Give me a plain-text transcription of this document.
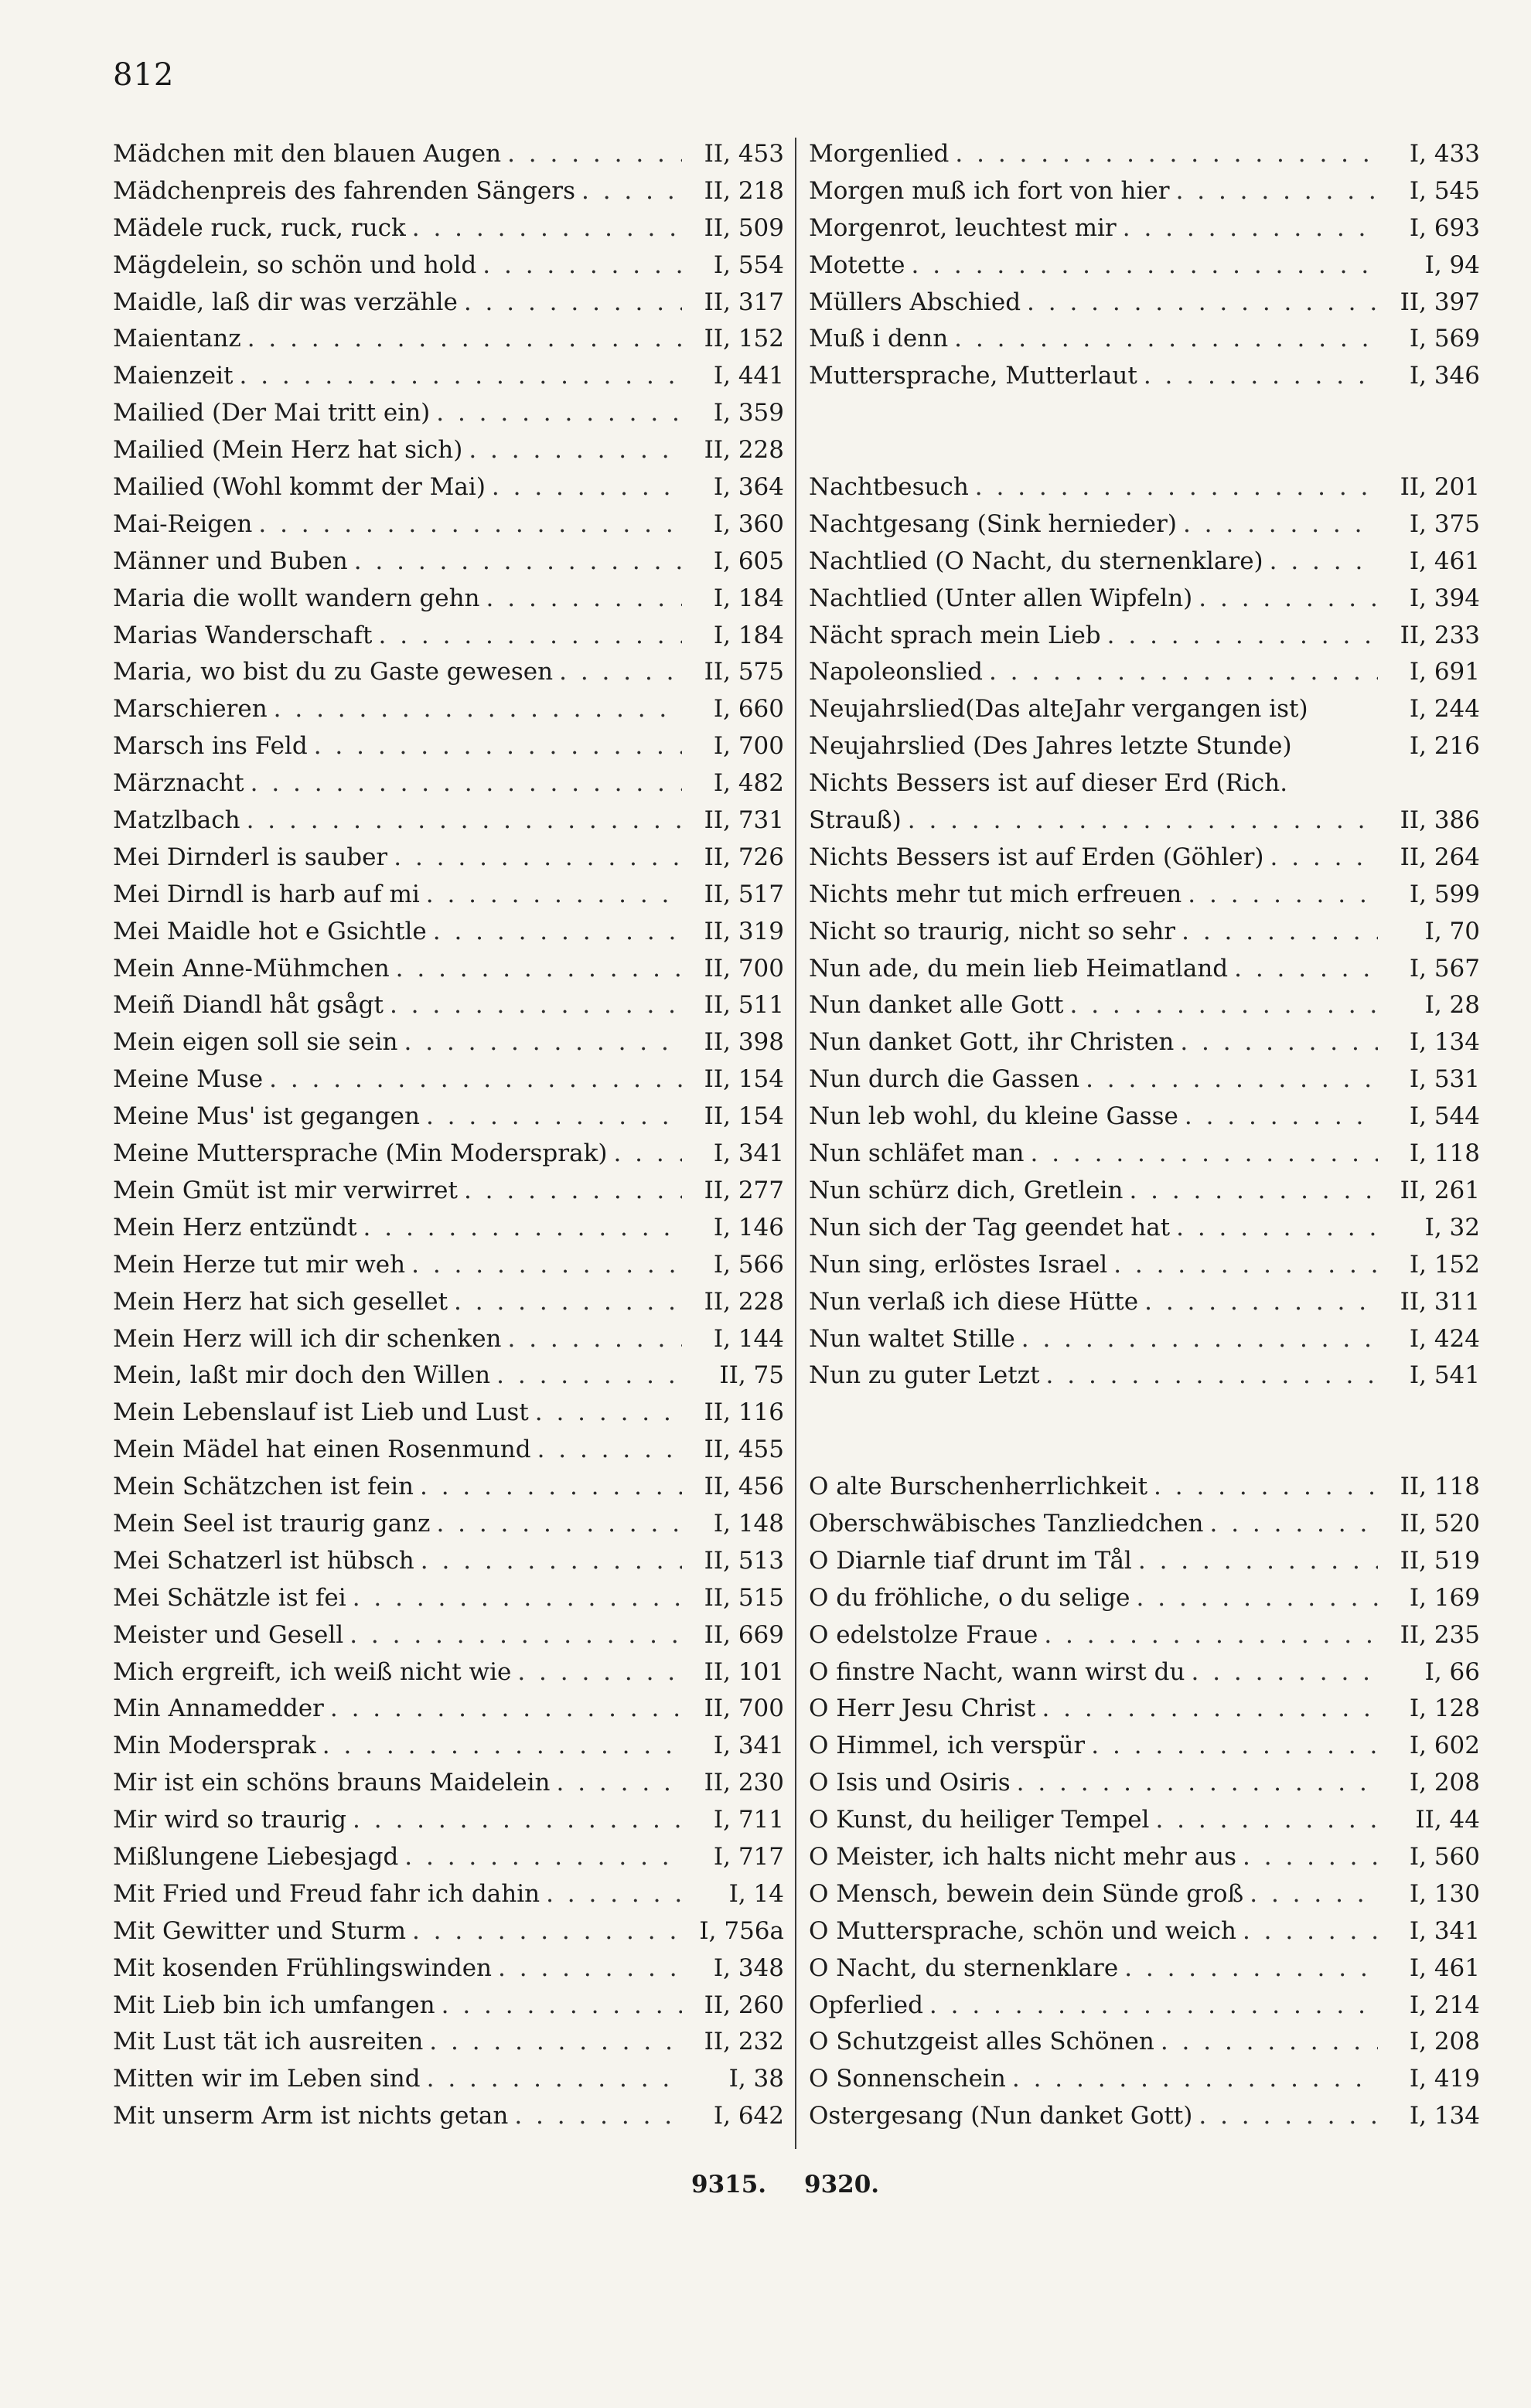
812
Mädchen mit den blauen Augen . . .	II, 453
Mädchenpreis des fahrenden Sängers . . .	II, 218
Mädele ruck, ruck, ruck . . .	II, 509
Mägdelein, so schön und hold . . .	I, 554
Maidle, laß dir was verzähle . . .	II, 317
Maientanz . . .	II, 152
Maienzeit . . .	I, 441
Mailied (Der Mai tritt ein) . . .	I, 359
Mailied (Mein Herz hat sich) . . .	II, 228
Mailied (Wohl kommt der Mai) . . .	I, 364
Mai-Reigen . . .	I, 360
Männer und Buben . . .	I, 605
Maria die wollt wandern gehn . . .	I, 184
Marias Wanderschaft . . .	I, 184
Maria, wo bist du zu Gaste gewesen . . .	II, 575
Marschieren . . .	I, 660
Marsch ins Feld . . .	I, 700
Märznacht . . .	I, 482
Matzlbach . . .	II, 731
Mei Dirnderl is sauber . . .	II, 726
Mei Dirndl is harb auf mi . . .	II, 517
Mei Maidle hot e Gsichtle . . .	II, 319
Mein Anne-Mühmchen . . .	II, 700
Meiñ Diandl håt gsågt . . .	II, 511
Mein eigen soll sie sein . . .	II, 398
Meine Muse . . .	II, 154
Meine Mus' ist gegangen . . .	II, 154
Meine Muttersprache (Min Modersprak) . . .	I, 341
Mein Gmüt ist mir verwirret . . .	II, 277
Mein Herz entzündt . . .	I, 146
Mein Herze tut mir weh . . .	I, 566
Mein Herz hat sich gesellet . . .	II, 228
Mein Herz will ich dir schenken . . .	I, 144
Mein, laßt mir doch den Willen . . .	II, 75
Mein Lebenslauf ist Lieb und Lust . . .	II, 116
Mein Mädel hat einen Rosenmund . . .	II, 455
Mein Schätzchen ist fein . . .	II, 456
Mein Seel ist traurig ganz . . .	I, 148
Mei Schatzerl ist hübsch . . .	II, 513
Mei Schätzle ist fei . . .	II, 515
Meister und Gesell . . .	II, 669
Mich ergreift, ich weiß nicht wie . . .	II, 101
Min Annamedder . . .	II, 700
Min Modersprak . . .	I, 341
Mir ist ein schöns brauns Maidelein . . .	II, 230
Mir wird so traurig . . .	I, 711
Mißlungene Liebesjagd . . .	I, 717
Mit Fried und Freud fahr ich dahin . . .	I, 14
Mit Gewitter und Sturm . . .	I, 756a
Mit kosenden Frühlingswinden . . .	I, 348
Mit Lieb bin ich umfangen . . .	II, 260
Mit Lust tät ich ausreiten . . .	II, 232
Mitten wir im Leben sind . . .	I, 38
Mit unserm Arm ist nichts getan . . .	I, 642
Morgenlied . . .	I, 433
Morgen muß ich fort von hier . . .	I, 545
Morgenrot, leuchtest mir . . .	I, 693
Motette . . .	I, 94
Müllers Abschied . . .	II, 397
Muß i denn . . .	I, 569
Muttersprache, Mutterlaut . . .	I, 346
Nachtbesuch . . .	II, 201
Nachtgesang (Sink hernieder) . . .	I, 375
Nachtlied (O Nacht, du sternenklare) . . .	I, 461
Nachtlied (Unter allen Wipfeln) . . .	I, 394
Nächt sprach mein Lieb . . .	II, 233
Napoleonslied . . .	I, 691
Neujahrslied(Das alteJahr vergangen ist)	I, 244
Neujahrslied (Des Jahres letzte Stunde)	I, 216
Nichts Bessers ist auf dieser Erd (Rich.
Strauß) . . .	II, 386
Nichts Bessers ist auf Erden (Göhler) . . .	II, 264
Nichts mehr tut mich erfreuen . . .	I, 599
Nicht so traurig, nicht so sehr . . .	I, 70
Nun ade, du mein lieb Heimatland . . .	I, 567
Nun danket alle Gott . . .	I, 28
Nun danket Gott, ihr Christen . . .	I, 134
Nun durch die Gassen . . .	I, 531
Nun leb wohl, du kleine Gasse . . .	I, 544
Nun schläfet man . . .	I, 118
Nun schürz dich, Gretlein . . .	II, 261
Nun sich der Tag geendet hat . . .	I, 32
Nun sing, erlöstes Israel . . .	I, 152
Nun verlaß ich diese Hütte . . .	II, 311
Nun waltet Stille . . .	I, 424
Nun zu guter Letzt . . .	I, 541
O alte Burschenherrlichkeit . . .	II, 118
Oberschwäbisches Tanzliedchen . . .	II, 520
O Diarnle tiaf drunt im Tål . . .	II, 519
O du fröhliche, o du selige . . .	I, 169
O edelstolze Fraue . . .	II, 235
O finstre Nacht, wann wirst du . . .	I, 66
O Herr Jesu Christ . . .	I, 128
O Himmel, ich verspür . . .	I, 602
O Isis und Osiris . . .	I, 208
O Kunst, du heiliger Tempel . . .	II, 44
O Meister, ich halts nicht mehr aus . . .	I, 560
O Mensch, bewein dein Sünde groß . . .	I, 130
O Muttersprache, schön und weich . . .	I, 341
O Nacht, du sternenklare . . .	I, 461
Opferlied . . .	I, 214
O Schutzgeist alles Schönen . . .	I, 208
O Sonnenschein . . .	I, 419
Ostergesang (Nun danket Gott) . . .	I, 134
9315. 9320.
